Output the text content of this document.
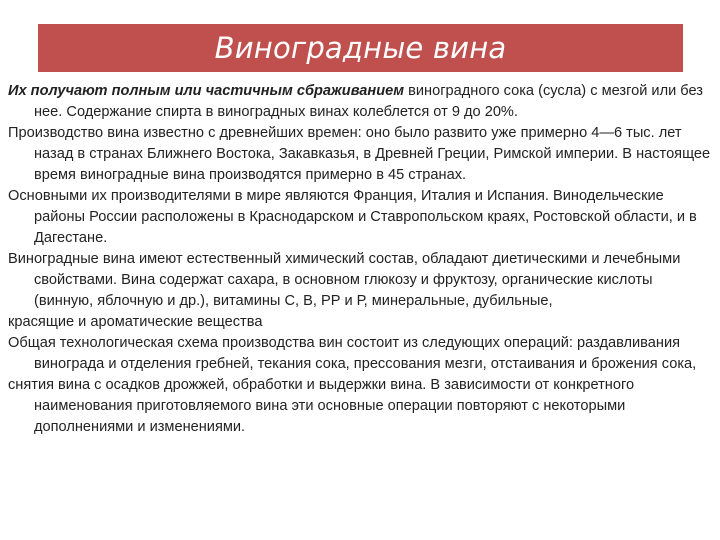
Виноградные вина

Их получают полным или частичным сбраживанием винограднoго сока (сусла) с мезгой или без нее. Содержание спирта в виноградных винах колеблется от 9 до 20%.

Производство вина известно с древнейших времен: оно было развито уже примерно 4—6 тыс. лет назад в странах Ближнего Востока, Закавказья, в Древней Греции, Римской империи. В настоящее время виноградные вина производятся примерно в 45 странах.

Основными их производителями в мире являются Франция, Италия и Испания. Винодельческие районы России расположены в Краснодарском и Ставропольском краях, Ростовской области, и в Дагестане.

Виноградные вина имеют естественный химический состав, обладают диетическими и лечебными свойствами. Вина содержат сахара, в основном глюкозу и фруктозу, органические кислоты (винную, яблочную и др.), витамины С, В, РР и Р, минеральные, дубильные,

красящие и ароматические вещества

Общая технологическая схема производства вин состоит из следующих операций: раздавливания винограда и отделения гребней, текания сока, прессования мезги, отстаивания и брожения сока,

снятия вина с осадков дрожжей, обработки и выдержки вина. В зависимости от конкретного наименования приготовляемого вина эти основные операции повторяют с некоторыми дополнениями и изменениями.
